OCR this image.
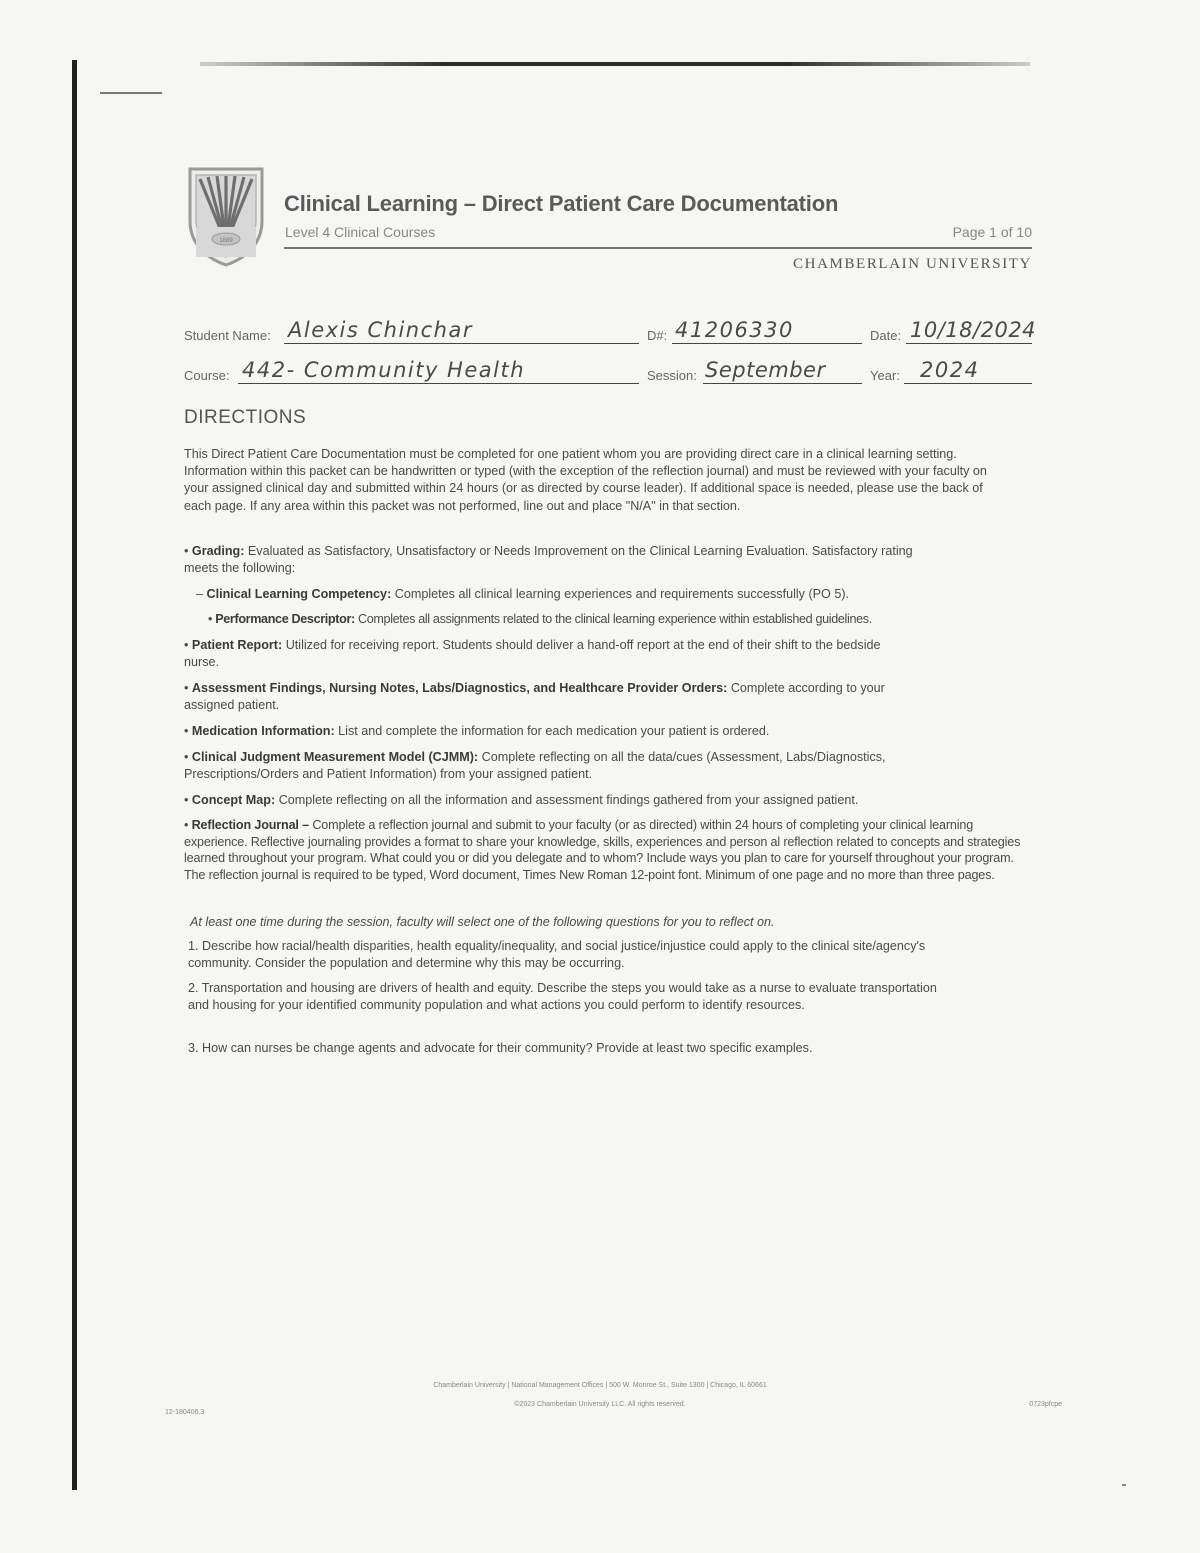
1889
Clinical Learning – Direct Patient Care Documentation
Level 4 Clinical Courses	Page 1 of 10
CHAMBERLAIN UNIVERSITY
Student Name: Alexis Chinchar	D#: 41206330	Date: 10/18/2024
Course: 442- Community Health	Session: September	Year: 2024
DIRECTIONS
This Direct Patient Care Documentation must be completed for one patient whom you are providing direct care in a clinical learning setting. Information within this packet can be handwritten or typed (with the exception of the reflection journal) and must be reviewed with your faculty on your assigned clinical day and submitted within 24 hours (or as directed by course leader). If additional space is needed, please use the back of each page. If any area within this packet was not performed, line out and place "N/A" in that section.
• Grading: Evaluated as Satisfactory, Unsatisfactory or Needs Improvement on the Clinical Learning Evaluation. Satisfactory rating meets the following:
– Clinical Learning Competency: Completes all clinical learning experiences and requirements successfully (PO 5).
• Performance Descriptor: Completes all assignments related to the clinical learning experience within established guidelines.
• Patient Report: Utilized for receiving report. Students should deliver a hand-off report at the end of their shift to the bedside nurse.
• Assessment Findings, Nursing Notes, Labs/Diagnostics, and Healthcare Provider Orders: Complete according to your assigned patient.
• Medication Information: List and complete the information for each medication your patient is ordered.
• Clinical Judgment Measurement Model (CJMM): Complete reflecting on all the data/cues (Assessment, Labs/Diagnostics, Prescriptions/Orders and Patient Information) from your assigned patient.
• Concept Map: Complete reflecting on all the information and assessment findings gathered from your assigned patient.
• Reflection Journal – Complete a reflection journal and submit to your faculty (or as directed) within 24 hours of completing your clinical learning experience. Reflective journaling provides a format to share your knowledge, skills, experiences and person al reflection related to concepts and strategies learned throughout your program. What could you or did you delegate and to whom? Include ways you plan to care for yourself throughout your program. The reflection journal is required to be typed, Word document, Times New Roman 12-point font. Minimum of one page and no more than three pages.
At least one time during the session, faculty will select one of the following questions for you to reflect on.
1. Describe how racial/health disparities, health equality/inequality, and social justice/injustice could apply to the clinical site/agency's community. Consider the population and determine why this may be occurring.
2. Transportation and housing are drivers of health and equity. Describe the steps you would take as a nurse to evaluate transportation and housing for your identified community population and what actions you could perform to identify resources.
3. How can nurses be change agents and advocate for their community? Provide at least two specific examples.
Chamberlain University | National Management Offices | 500 W. Monroe St., Suite 1300 | Chicago, IL 60661
©2023 Chamberlain University LLC. All rights reserved.
12-180406.3
0723pfcpe
